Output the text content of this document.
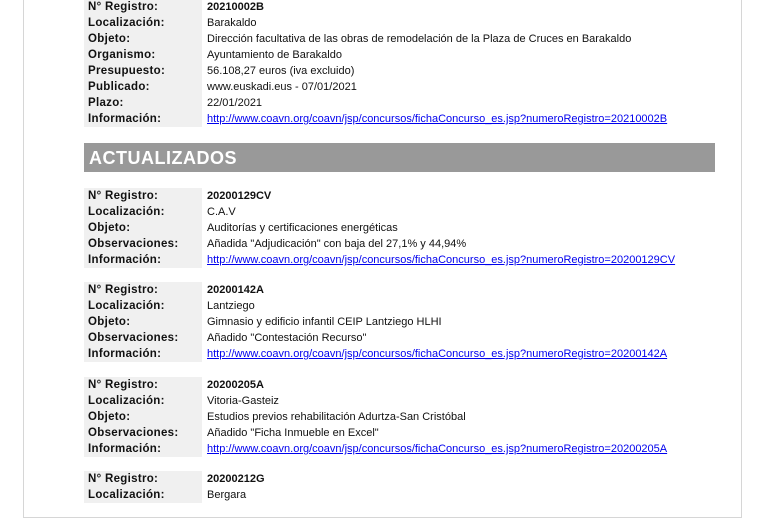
N° Registro:	20210002B
Localización:	Barakaldo
Objeto:	Dirección facultativa de las obras de remodelación de la Plaza de Cruces en Barakaldo
Organismo:	Ayuntamiento de Barakaldo
Presupuesto:	56.108,27 euros (iva excluido)
Publicado:	www.euskadi.eus - 07/01/2021
Plazo:	22/01/2021
Información:	http://www.coavn.org/coavn/jsp/concursos/fichaConcurso_es.jsp?numeroRegistro=20210002B
ACTUALIZADOS
N° Registro:	20200129CV
Localización:	C.A.V
Objeto:	Auditorías y certificaciones energéticas
Observaciones:	Añadida "Adjudicación" con baja del 27,1% y 44,94%
Información:	http://www.coavn.org/coavn/jsp/concursos/fichaConcurso_es.jsp?numeroRegistro=20200129CV
N° Registro:	20200142A
Localización:	Lantziego
Objeto:	Gimnasio y edificio infantil CEIP Lantziego HLHI
Observaciones:	Añadido "Contestación Recurso"
Información:	http://www.coavn.org/coavn/jsp/concursos/fichaConcurso_es.jsp?numeroRegistro=20200142A
N° Registro:	20200205A
Localización:	Vitoria-Gasteiz
Objeto:	Estudios previos rehabilitación Adurtza-San Cristóbal
Observaciones:	Añadido "Ficha Inmueble en Excel"
Información:	http://www.coavn.org/coavn/jsp/concursos/fichaConcurso_es.jsp?numeroRegistro=20200205A
N° Registro:	20200212G
Localización:	Bergara
